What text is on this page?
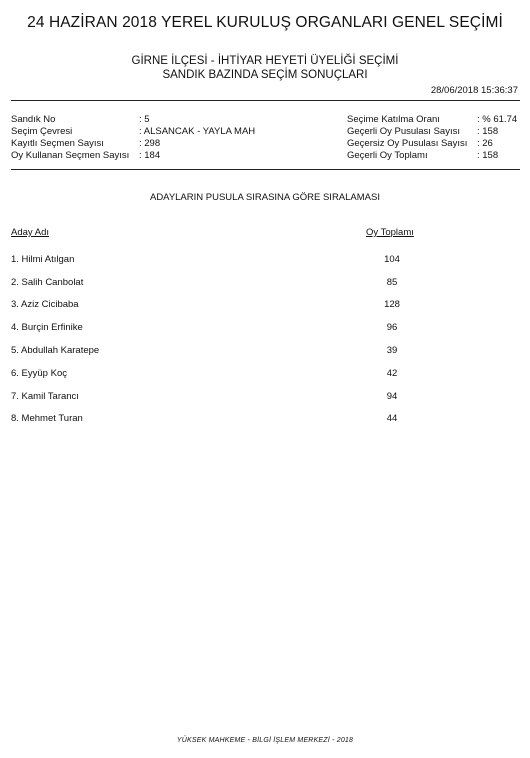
24 HAZİRAN 2018 YEREL KURULUŞ ORGANLARI GENEL SEÇİMİ
GİRNE İLÇESİ - İHTİYAR HEYETİ ÜYELİĞİ SEÇİMİ
SANDIK BAZINDA SEÇİM SONUÇLARI
28/06/2018 15:36:37
Sandık No	: 5
Seçim Çevresi	: ALSANCAK - YAYLA MAH
Kayıtlı Seçmen Sayısı	: 298
Oy Kullanan Seçmen Sayısı	: 184
Seçime Katılma Oranı	: % 61.74
Geçerli Oy Pusulası Sayısı : 158
Geçersiz Oy Pusulası Sayısı : 26
Geçerli Oy Toplamı	: 158
ADAYLARIN PUSULA SIRASINA GÖRE SIRALAMASI
Aday Adı	Oy Toplamı
1. Hilmi Atılgan	104
2. Salih Canbolat	85
3. Aziz Cicibaba	128
4. Burçin Erfinike	96
5. Abdullah Karatepe	39
6. Eyyüp Koç	42
7. Kamil Tarancı	94
8. Mehmet Turan	44
YÜKSEK MAHKEME - BİLGİ İŞLEM MERKEZİ - 2018
